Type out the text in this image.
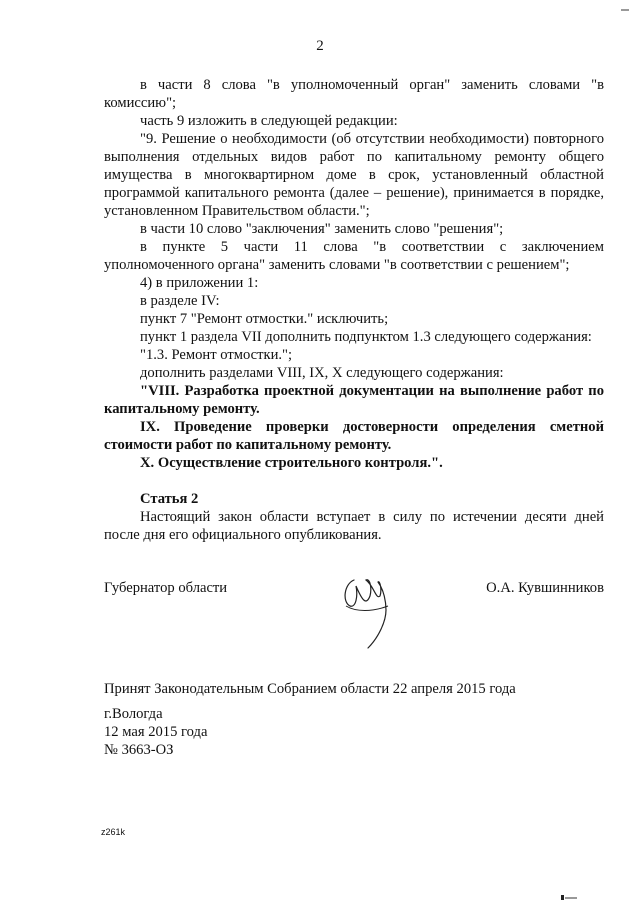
2

в части 8 слова "в уполномоченный орган" заменить словами "в комиссию";

часть 9 изложить в следующей редакции:

"9. Решение о необходимости (об отсутствии необходимости) повторного выполнения отдельных видов работ по капитальному ремонту общего имущества в многоквартирном доме в срок, установленный областной программой капитального ремонта (далее – решение), принимается в порядке, установленном Правительством области.";

в части 10 слово "заключения" заменить слово "решения";

в пункте 5 части 11 слова "в соответствии с заключением уполномоченного органа" заменить словами "в соответствии с решением";

4) в приложении 1:

в разделе IV:

пункт 7 "Ремонт отмостки." исключить;

пункт 1 раздела VII дополнить подпунктом 1.3 следующего содержания:

"1.3. Ремонт отмостки.";

дополнить разделами VIII, IX, X следующего содержания:

"VIII. Разработка проектной документации на выполнение работ по капитальному ремонту.

IX. Проведение проверки достоверности определения сметной стоимости работ по капитальному ремонту.

X. Осуществление строительного контроля.".

Статья 2

Настоящий закон области вступает в силу по истечении десяти дней после дня его официального опубликования.

Губернатор области	О.А. Кувшинников
Принят Законодательным Собранием области 22 апреля 2015 года
г.Вологда
12 мая 2015 года
№ 3663-ОЗ
z261k
